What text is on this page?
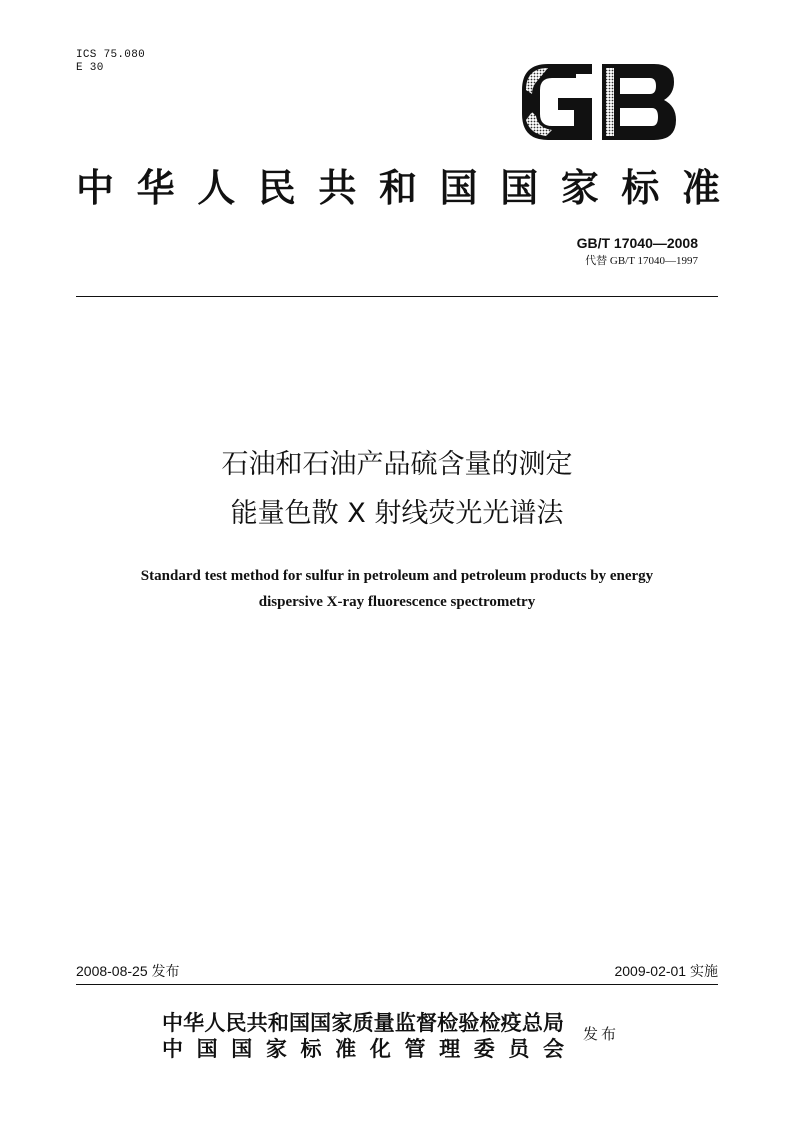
ICS 75.080
E 30
中华人民共和国国家标准
GB/T 17040—2008
代替 GB/T 17040—1997
石油和石油产品硫含量的测定
能量色散 X 射线荧光光谱法
Standard test method for sulfur in petroleum and petroleum products by energy
dispersive X-ray fluorescence spectrometry
2008-08-25 发布	2009-02-01 实施
中华人民共和国国家质量监督检验检疫总局
中国国家标准化管理委员会
发布
